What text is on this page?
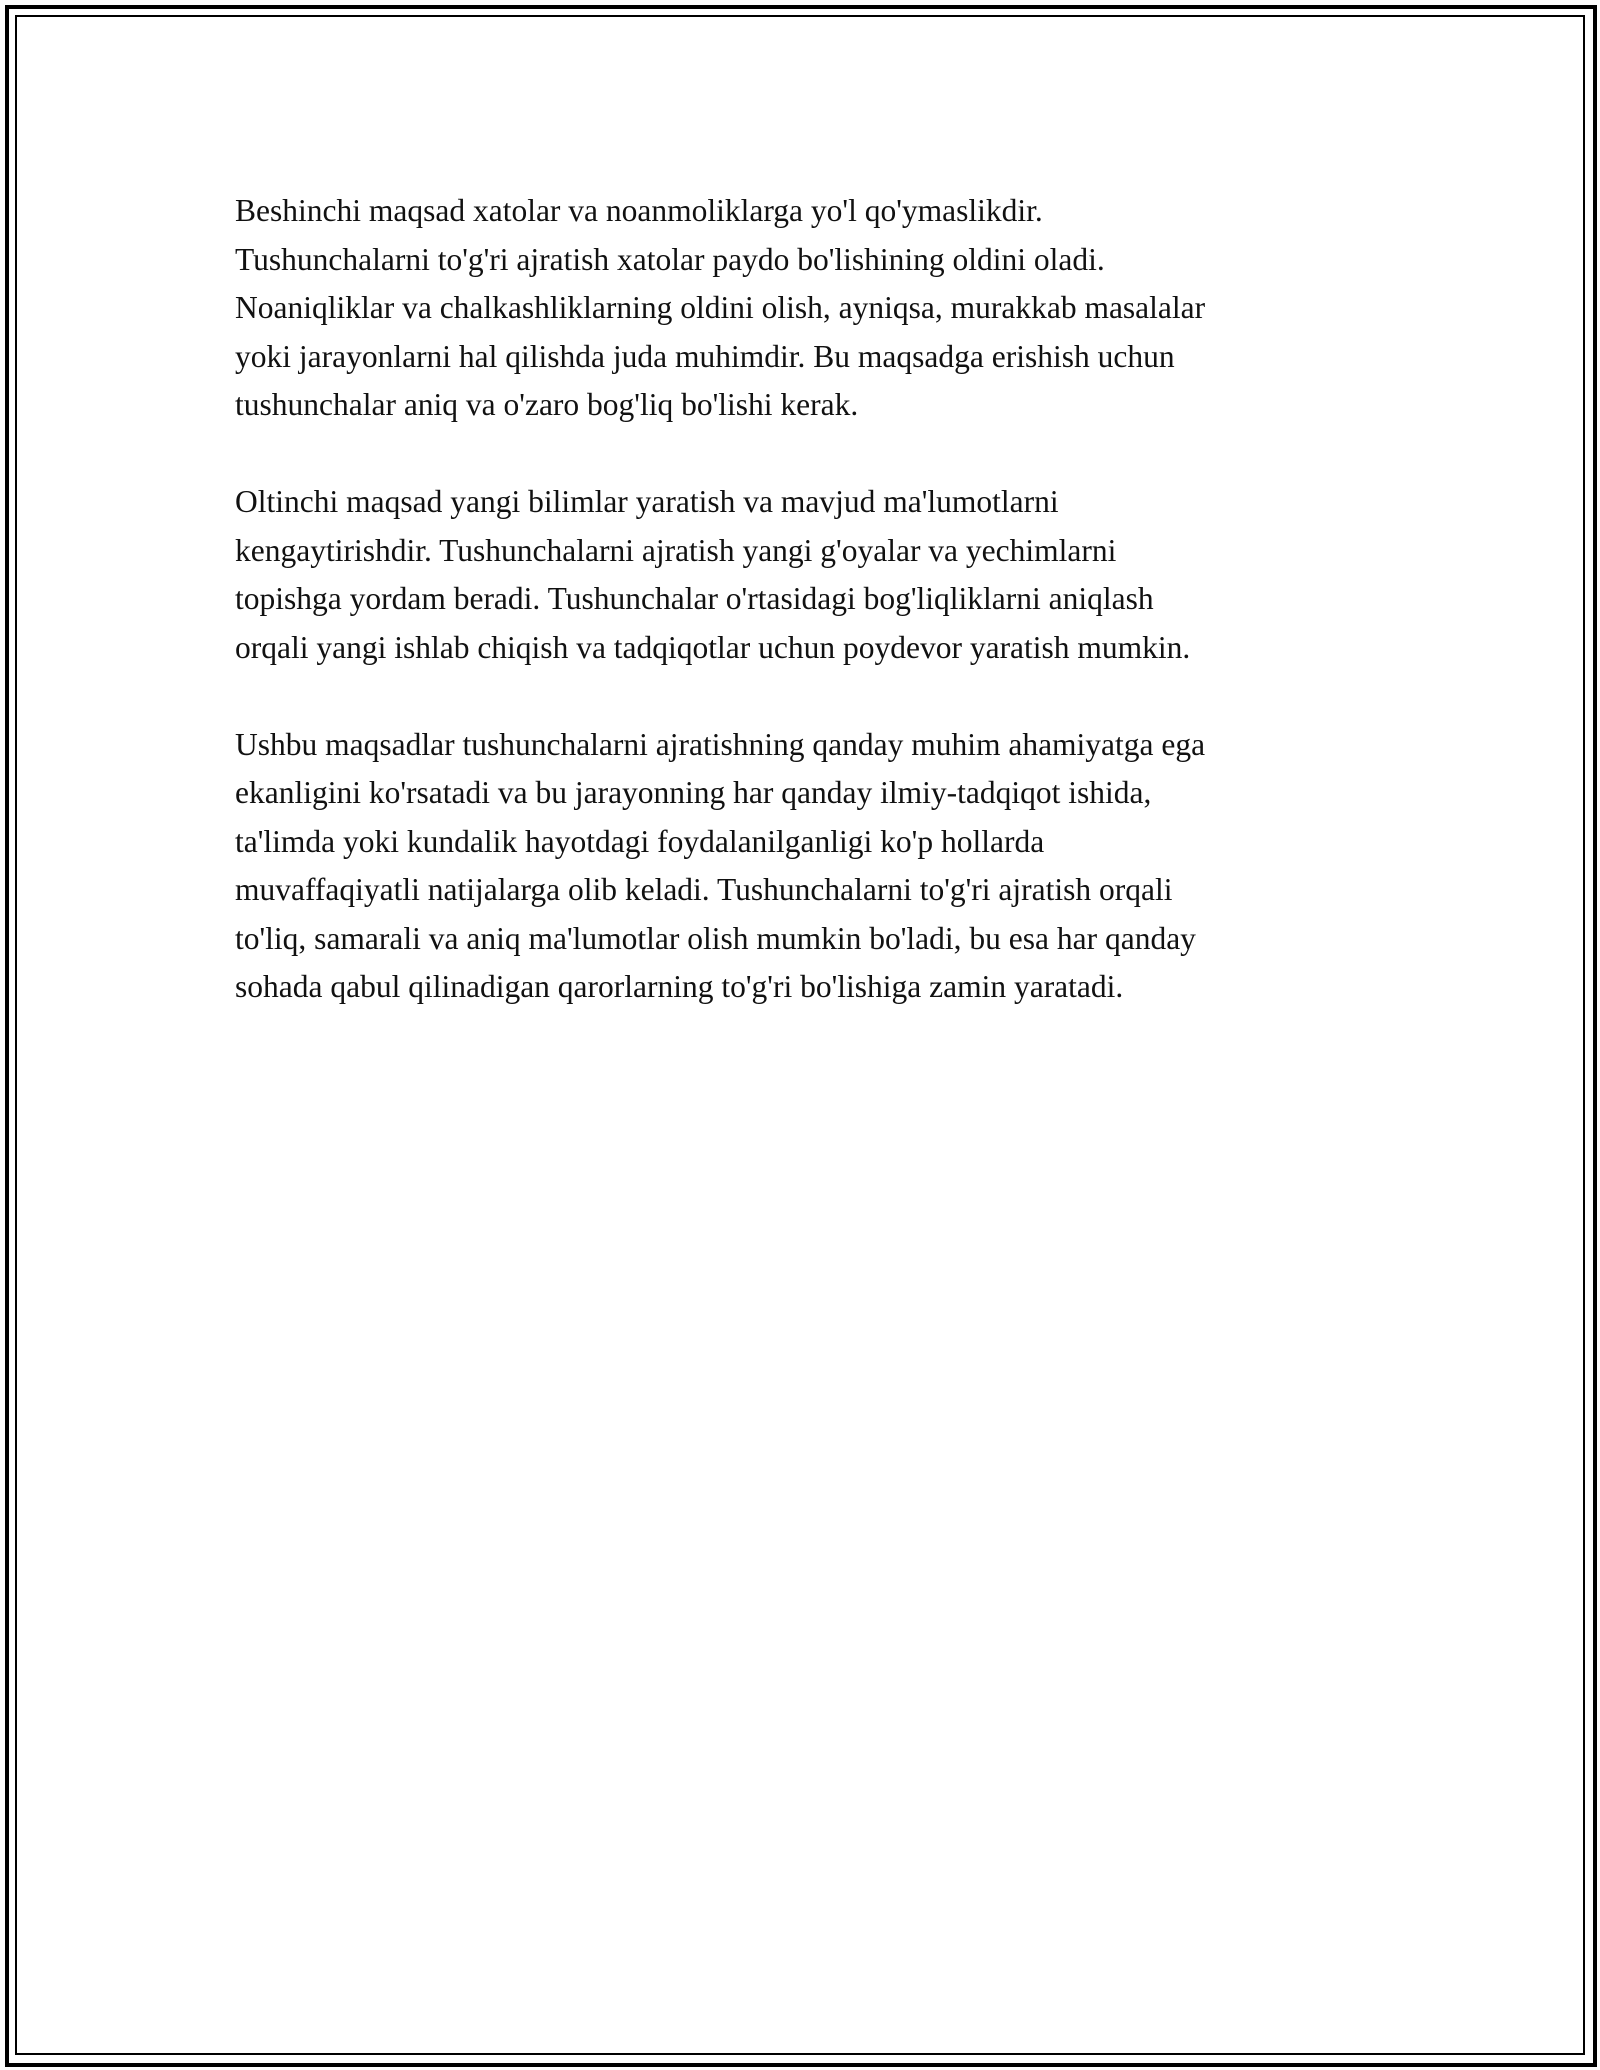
Beshinchi maqsad xatolar va noanmoliklarga yo'l qo'ymaslikdir.
Tushunchalarni to'g'ri ajratish xatolar paydo bo'lishining oldini oladi.
Noaniqliklar va chalkashliklarning oldini olish, ayniqsa, murakkab masalalar
yoki jarayonlarni hal qilishda juda muhimdir. Bu maqsadga erishish uchun
tushunchalar aniq va o'zaro bog'liq bo'lishi kerak.

Oltinchi maqsad yangi bilimlar yaratish va mavjud ma'lumotlarni
kengaytirishdir. Tushunchalarni ajratish yangi g'oyalar va yechimlarni
topishga yordam beradi. Tushunchalar o'rtasidagi bog'liqliklarni aniqlash
orqali yangi ishlab chiqish va tadqiqotlar uchun poydevor yaratish mumkin.

Ushbu maqsadlar tushunchalarni ajratishning qanday muhim ahamiyatga ega
ekanligini ko'rsatadi va bu jarayonning har qanday ilmiy-tadqiqot ishida,
ta'limda yoki kundalik hayotdagi foydalanilganligi ko'p hollarda
muvaffaqiyatli natijalarga olib keladi. Tushunchalarni to'g'ri ajratish orqali
to'liq, samarali va aniq ma'lumotlar olish mumkin bo'ladi, bu esa har qanday
sohada qabul qilinadigan qarorlarning to'g'ri bo'lishiga zamin yaratadi.
